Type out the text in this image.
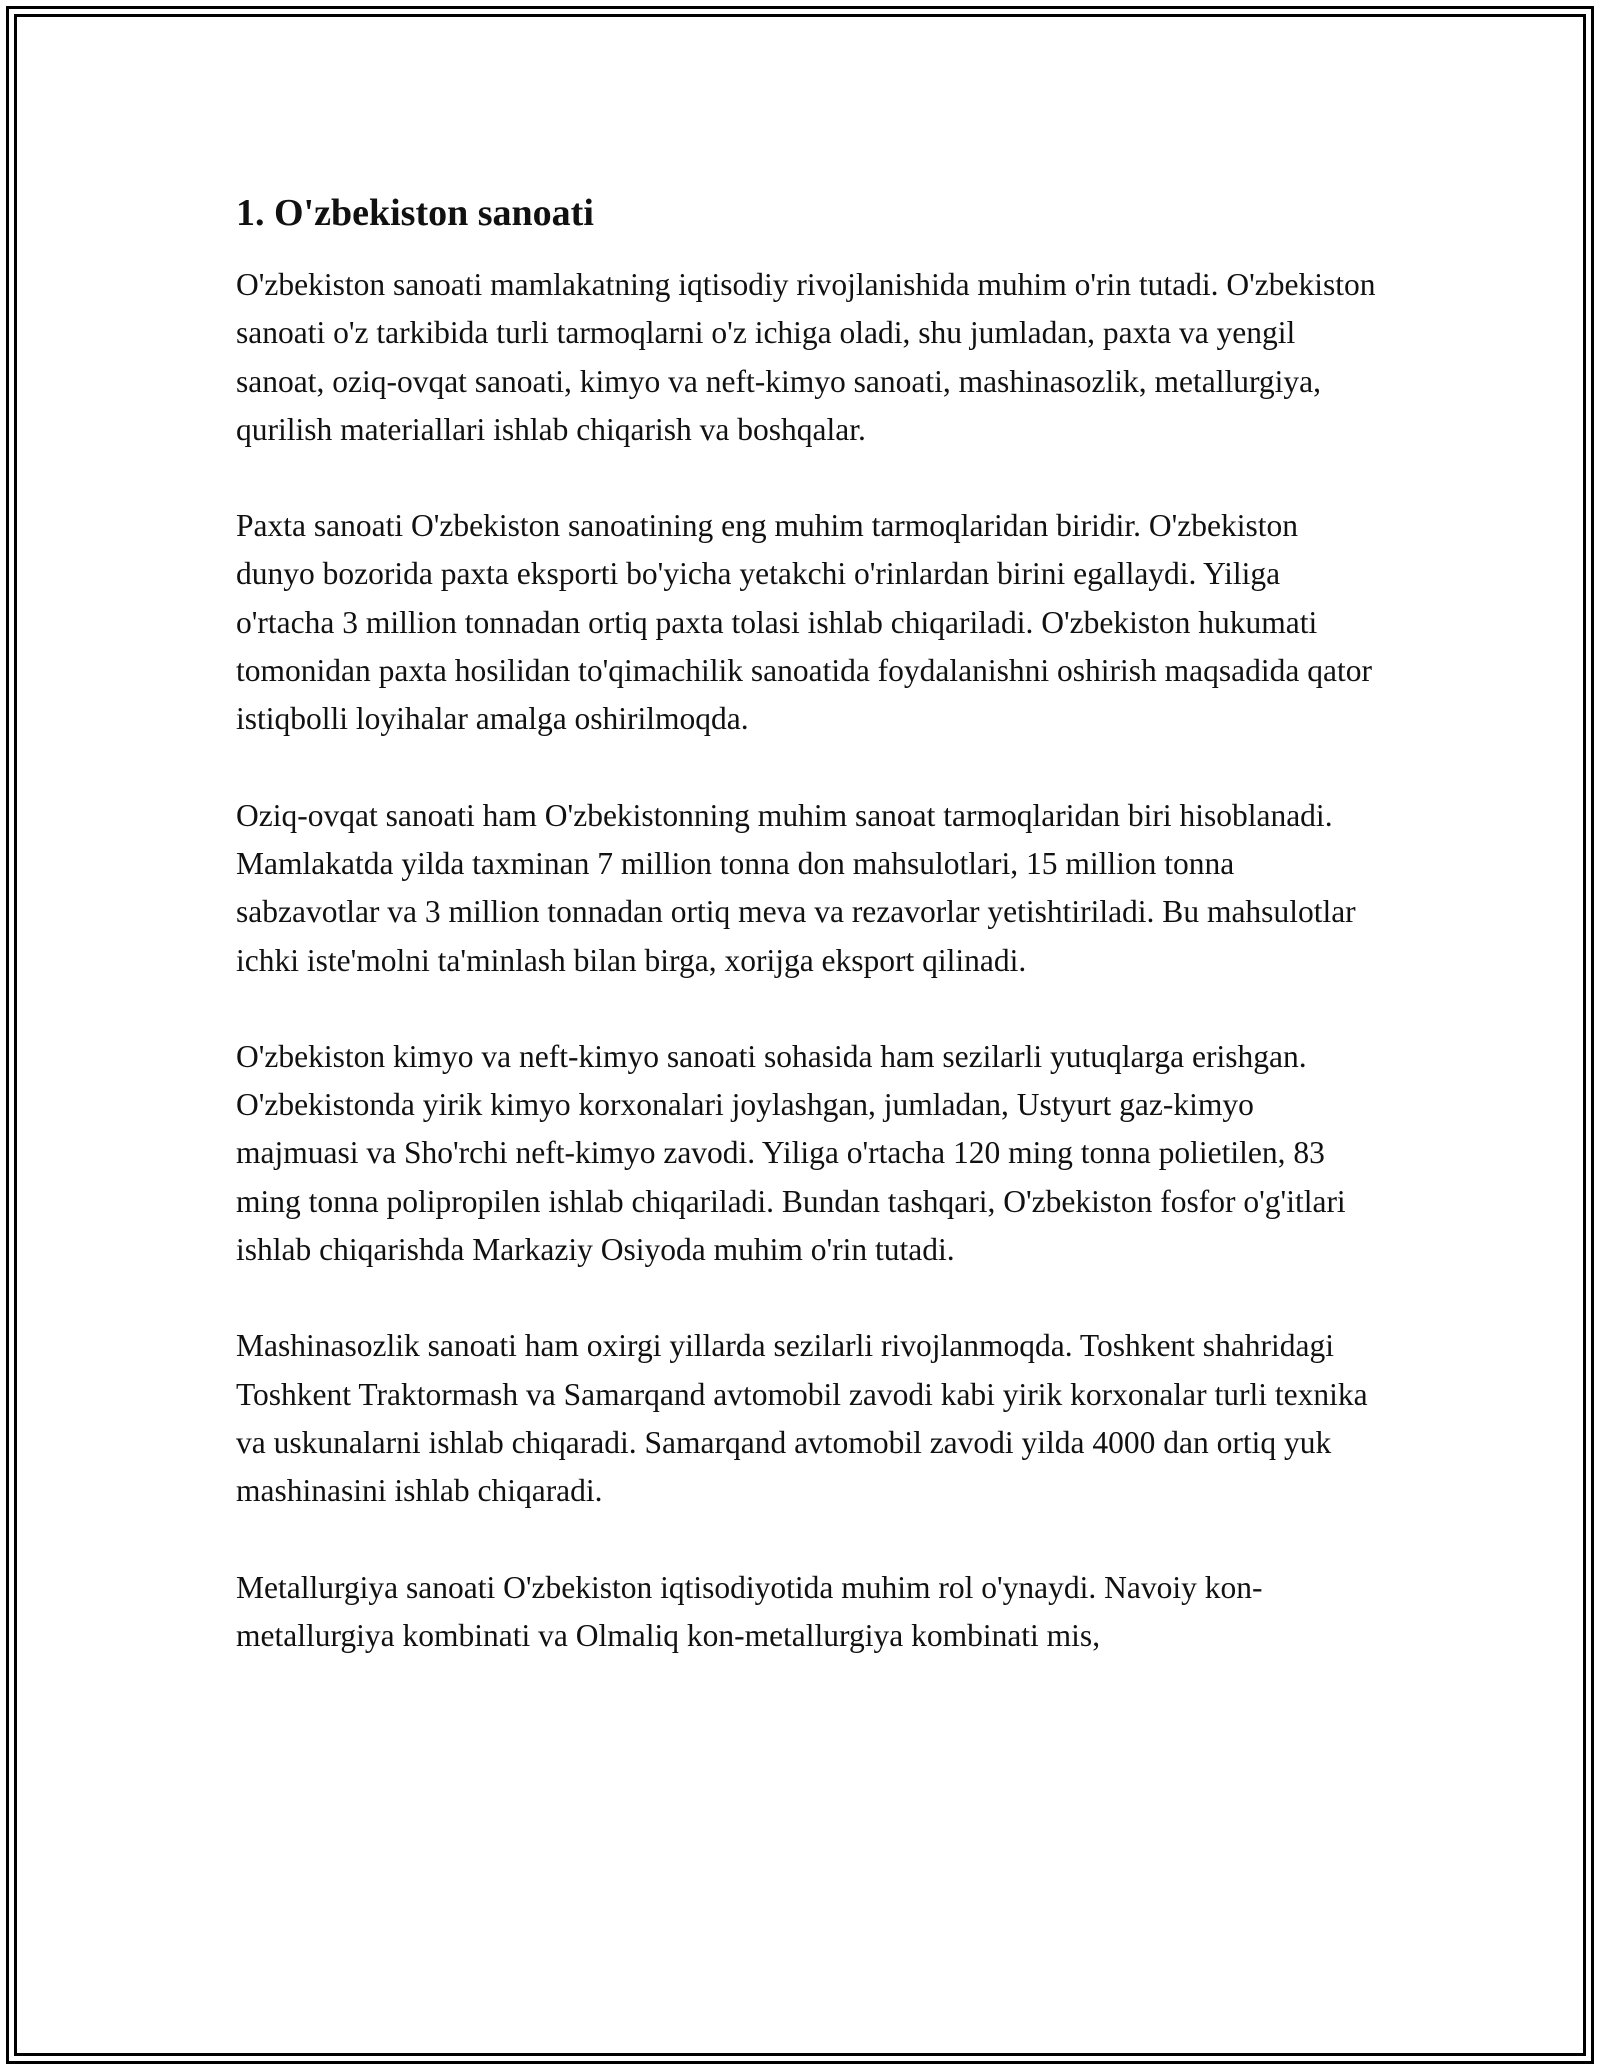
1. O'zbekiston sanoati

O'zbekiston sanoati mamlakatning iqtisodiy rivojlanishida muhim o'rin tutadi. O'zbekiston sanoati o'z tarkibida turli tarmoqlarni o'z ichiga oladi, shu jumladan, paxta va yengil sanoat, oziq-ovqat sanoati, kimyo va neft-kimyo sanoati, mashinasozlik, metallurgiya, qurilish materiallari ishlab chiqarish va boshqalar.

Paxta sanoati O'zbekiston sanoatining eng muhim tarmoqlaridan biridir. O'zbekiston dunyo bozorida paxta eksporti bo'yicha yetakchi o'rinlardan birini egallaydi. Yiliga o'rtacha 3 million tonnadan ortiq paxta tolasi ishlab chiqariladi. O'zbekiston hukumati tomonidan paxta hosilidan to'qimachilik sanoatida foydalanishni oshirish maqsadida qator istiqbolli loyihalar amalga oshirilmoqda.

Oziq-ovqat sanoati ham O'zbekistonning muhim sanoat tarmoqlaridan biri hisoblanadi. Mamlakatda yilda taxminan 7 million tonna don mahsulotlari, 15 million tonna sabzavotlar va 3 million tonnadan ortiq meva va rezavorlar yetishtiriladi. Bu mahsulotlar ichki iste'molni ta'minlash bilan birga, xorijga eksport qilinadi.

O'zbekiston kimyo va neft-kimyo sanoati sohasida ham sezilarli yutuqlarga erishgan. O'zbekistonda yirik kimyo korxonalari joylashgan, jumladan, Ustyurt gaz-kimyo majmuasi va Sho'rchi neft-kimyo zavodi. Yiliga o'rtacha 120 ming tonna polietilen, 83 ming tonna polipropilen ishlab chiqariladi. Bundan tashqari, O'zbekiston fosfor o'g'itlari ishlab chiqarishda Markaziy Osiyoda muhim o'rin tutadi.

Mashinasozlik sanoati ham oxirgi yillarda sezilarli rivojlanmoqda. Toshkent shahridagi Toshkent Traktormash va Samarqand avtomobil zavodi kabi yirik korxonalar turli texnika va uskunalarni ishlab chiqaradi. Samarqand avtomobil zavodi yilda 4000 dan ortiq yuk mashinasini ishlab chiqaradi.

Metallurgiya sanoati O'zbekiston iqtisodiyotida muhim rol o'ynaydi. Navoiy kon-metallurgiya kombinati va Olmaliq kon-metallurgiya kombinati mis,
